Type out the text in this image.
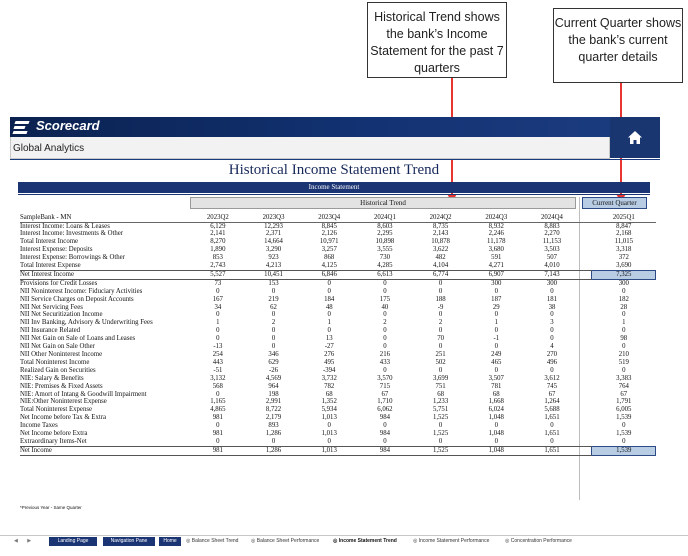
Historical Trend shows the bank’s Income Statement for the past 7 quarters
Current Quarter shows the bank’s current quarter details
Scorecard
Global Analytics
Historical Income Statement Trend
Income Statement
Historical Trend	Current Quarter
SampleBank - MN	2023Q2	2023Q3	2023Q4	2024Q1	2024Q2	2024Q3	2024Q4		2025Q1
Interest Income: Loans & Leases	6,129	12,293	8,845	8,603	8,735	8,932	8,883		8,847
Interest Income: Investments & Other	2,141	2,371	2,126	2,295	2,143	2,246	2,270		2,168
Total Interest Income	8,270	14,664	10,971	10,898	10,878	11,178	11,153		11,015
Interest Expense: Deposits	1,890	3,290	3,257	3,555	3,622	3,680	3,503		3,318
Interest Expense: Borrowings & Other	853	923	868	730	482	591	507		372
Total Interest Expense	2,743	4,213	4,125	4,285	4,104	4,271	4,010		3,690
Net Interest Income	5,527	10,451	6,846	6,613	6,774	6,907	7,143		7,325
Provisions for Credit Losses	73	153	0	0	0	300	300		300
NII Noninterest Income: Fiduciary Activities	0	0	0	0	0	0	0		0
NII Service Charges on Deposit Accounts	167	219	184	175	188	187	181		182
NII Net Servicing Fees	34	62	48	40	-9	29	38		28
NII Net Securitization Income	0	0	0	0	0	0	0		0
NII Inv Banking, Advisory & Underwriting Fees	1	2	1	2	2	1	3		1
NII Insurance Related	0	0	0	0	0	0	0		0
NII Net Gain on Sale of Loans and Leases	0	0	13	0	70	-1	0		98
NII Net Gain on Sale Other	-13	0	-27	0	0	0	4		0
NII Other Noninterest Income	254	346	276	216	251	249	270		210
Total Noninterest Income	443	629	495	433	502	465	496		519
Realized Gain on Securities	-51	-26	-394	0	0	0	0		0
NIE: Salary & Benefits	3,132	4,569	3,732	3,570	3,699	3,507	3,612		3,383
NIE: Premises & Fixed Assets	568	964	782	715	751	781	745		764
NIE: Amort of Intang & Goodwill Impairment	0	198	68	67	68	68	67		67
NIE:Other Noninterest Expense	1,165	2,991	1,352	1,710	1,233	1,668	1,264		1,791
Total Noninterest Expense	4,865	8,722	5,934	6,062	5,751	6,024	5,688		6,005
Net Income before Tax & Extra	981	2,179	1,013	984	1,525	1,048	1,651		1,539
Income Taxes	0	893	0	0	0	0	0		0
Net Income before Extra	981	1,286	1,013	984	1,525	1,048	1,651		1,539
Extraordinary Items-Net	0	0	0	0	0	0	0		0
Net Income	981	1,286	1,013	984	1,525	1,048	1,651		1,539
*Previous Year - Same Quarter
◀ ▶	Landing Page	Navigation Pane	Home	◎ Balance Sheet Trend	◎ Balance Sheet Performance	◎ Income Statement Trend	◎ Income Statement Performance	◎ Concentration Performance
